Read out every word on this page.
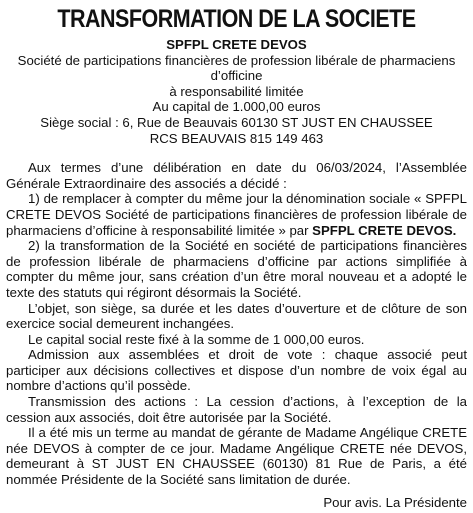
TRANSFORMATION DE LA SOCIETE
SPFPL CRETE DEVOS
Société de participations financières de profession libérale de pharmaciens
d’officine
à responsabilité limitée
Au capital de 1.000,00 euros
Siège social : 6, Rue de Beauvais 60130 ST JUST EN CHAUSSEE
RCS BEAUVAIS 815 149 463

Aux termes d’une délibération en date du 06/03/2024, l’Assemblée Générale Extraordinaire des associés a décidé :

1) de remplacer à compter du même jour la dénomination sociale « SPFPL CRETE DEVOS Société de participations financières de profession libérale de pharmaciens d’officine à responsabilité limitée » par SPFPL CRETE DEVOS.

2) la transformation de la Société en société de participations financières de profession libérale de pharmaciens d’officine par actions simplifiée à compter du même jour, sans création d’un être moral nouveau et a adopté le texte des statuts qui régiront désormais la Société.

L’objet, son siège, sa durée et les dates d’ouverture et de clôture de son exercice social demeurent inchangées.

Le capital social reste fixé à la somme de 1 000,00 euros.

Admission aux assemblées et droit de vote : chaque associé peut participer aux décisions collectives et dispose d’un nombre de voix égal au nombre d’actions qu’il possède.

Transmission des actions : La cession d’actions, à l’exception de la cession aux associés, doit être autorisée par la Société.

Il a été mis un terme au mandat de gérante de Madame Angélique CRETE née DEVOS à compter de ce jour. Madame Angélique CRETE née DEVOS, demeurant à ST JUST EN CHAUSSEE (60130) 81 Rue de Paris, a été nommée Présidente de la Société sans limitation de durée.

Pour avis. La Présidente
